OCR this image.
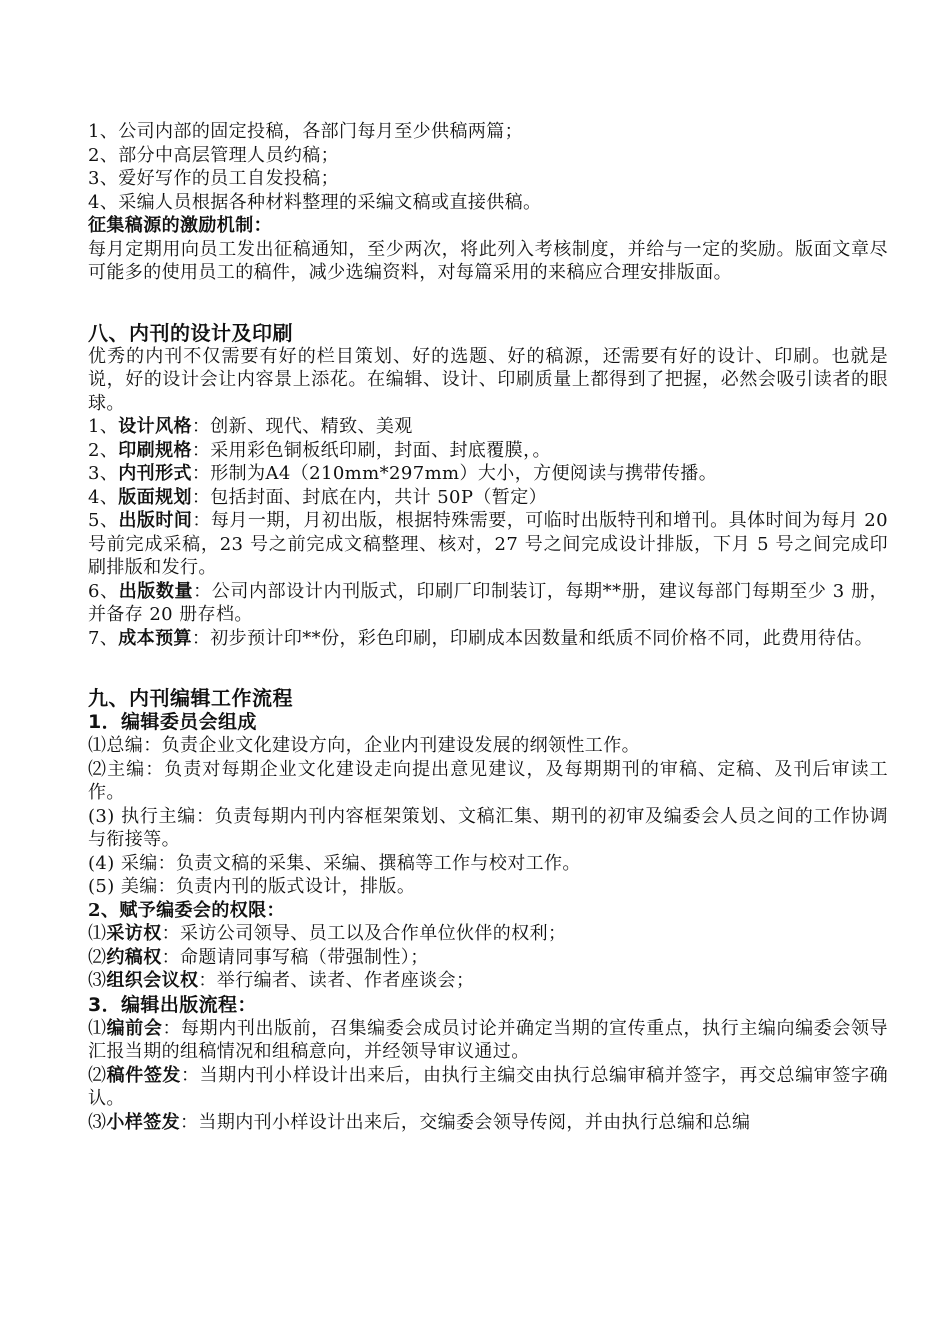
1、公司内部的固定投稿，各部门每月至少供稿两篇；
2、部分中高层管理人员约稿；
3、爱好写作的员工自发投稿；
4、采编人员根据各种材料整理的采编文稿或直接供稿。
征集稿源的激励机制：

每月定期用向员工发出征稿通知，至少两次，将此列入考核制度，并给与一定的奖励。版面文章尽可能多的使用员工的稿件，减少选编资料，对每篇采用的来稿应合理安排版面。

八、内刊的设计及印刷

优秀的内刊不仅需要有好的栏目策划、好的选题、好的稿源，还需要有好的设计、印刷。也就是说，好的设计会让内容景上添花。在编辑、设计、印刷质量上都得到了把握，必然会吸引读者的眼球。

1、设计风格：创新、现代、精致、美观
2、印刷规格：采用彩色铜板纸印刷，封面、封底覆膜，。
3、内刊形式：形制为A4（210mm*297mm）大小，方便阅读与携带传播。
4、版面规划：包括封面、封底在内，共计 50P（暂定）
5、出版时间：每月一期，月初出版，根据特殊需要，可临时出版特刊和增刊。具体时间为每月 20 号前完成采稿，23 号之前完成文稿整理、核对，27 号之间完成设计排版，下月 5 号之间完成印刷排版和发行。
6、出版数量：公司内部设计内刊版式，印刷厂印制装订，每期**册，建议每部门每期至少 3 册，并备存 20 册存档。
7、成本预算：初步预计印**份，彩色印刷，印刷成本因数量和纸质不同价格不同，此费用待估。
九、内刊编辑工作流程
1．编辑委员会组成
⑴总编：负责企业文化建设方向，企业内刊建设发展的纲领性工作。
⑵主编：负责对每期企业文化建设走向提出意见建议，及每期期刊的审稿、定稿、及刊后审读工作。
(3) 执行主编：负责每期内刊内容框架策划、文稿汇集、期刊的初审及编委会人员之间的工作协调与衔接等。
(4) 采编：负责文稿的采集、采编、撰稿等工作与校对工作。
(5) 美编：负责内刊的版式设计，排版。
2、赋予编委会的权限：
⑴采访权：采访公司领导、员工以及合作单位伙伴的权利；
⑵约稿权：命题请同事写稿（带强制性）；
⑶组织会议权：举行编者、读者、作者座谈会；
3．编辑出版流程：
⑴编前会：每期内刊出版前，召集编委会成员讨论并确定当期的宣传重点，执行主编向编委会领导汇报当期的组稿情况和组稿意向，并经领导审议通过。
⑵稿件签发：当期内刊小样设计出来后，由执行主编交由执行总编审稿并签字，再交总编审签字确认。
⑶小样签发：当期内刊小样设计出来后，交编委会领导传阅，并由执行总编和总编
